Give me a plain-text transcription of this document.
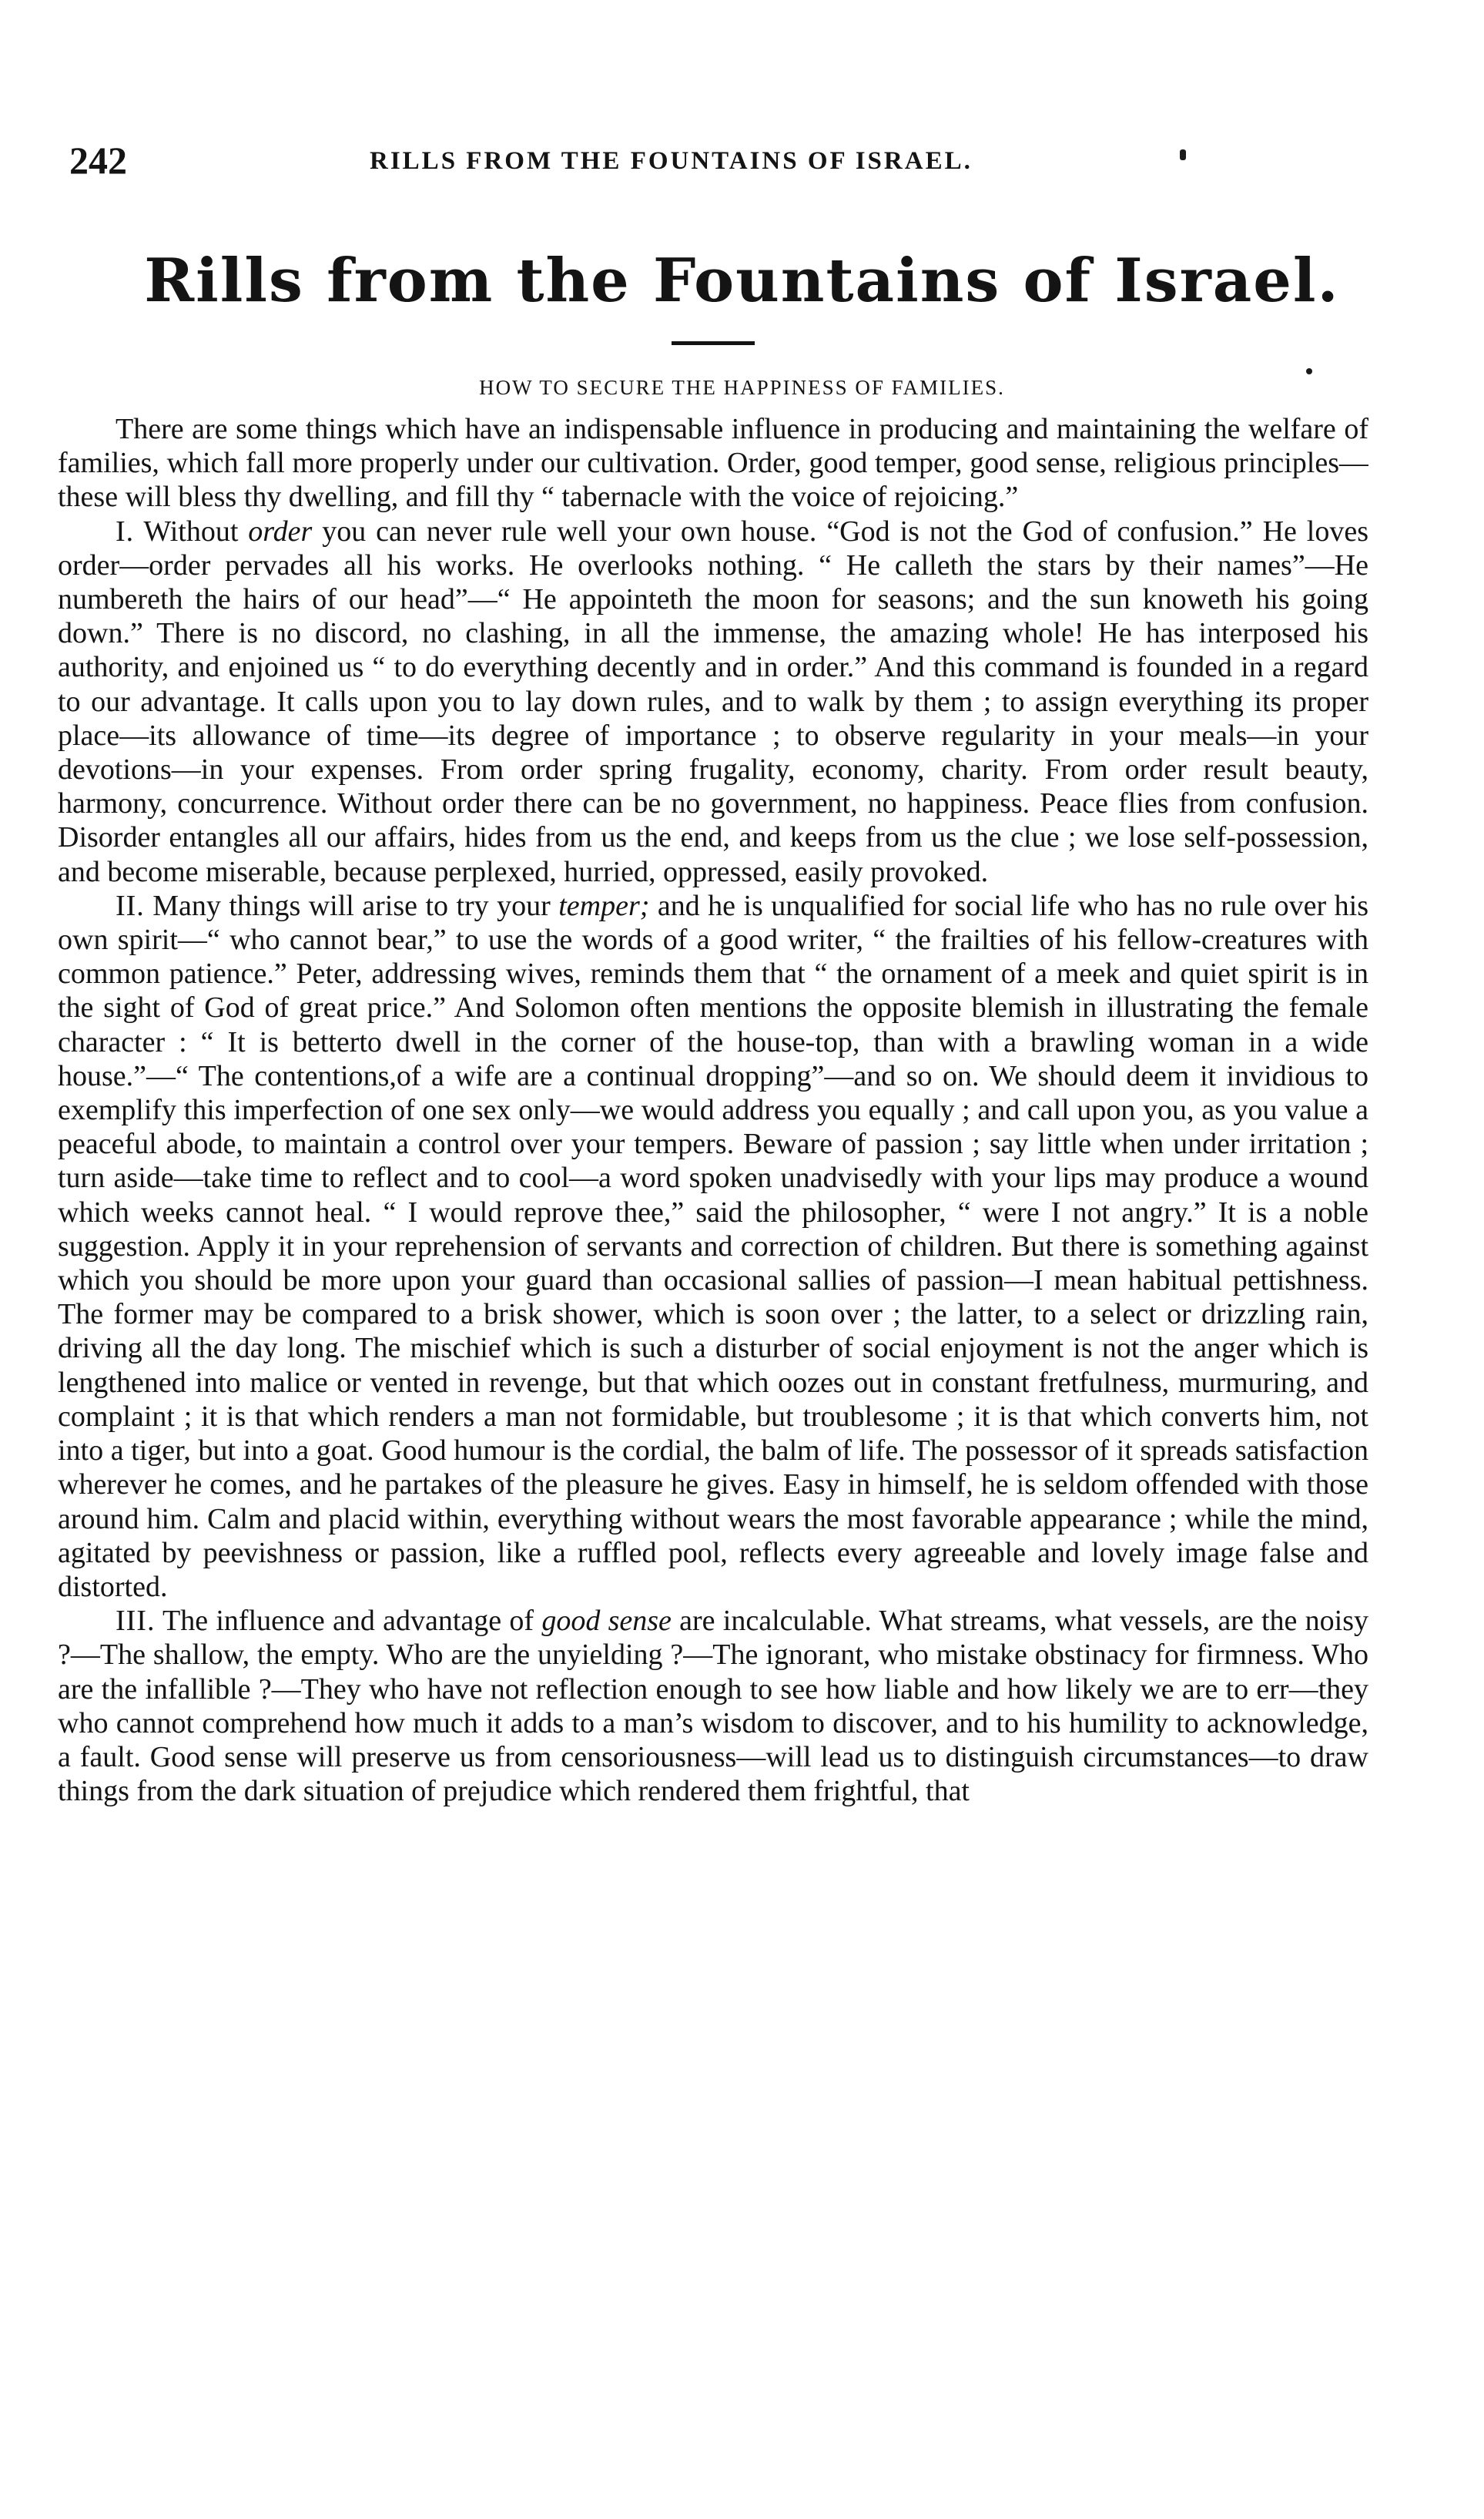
242	RILLS FROM THE FOUNTAINS OF ISRAEL.
Rills from the Fountains of Israel.
HOW TO SECURE THE HAPPINESS OF FAMILIES.

There are some things which have an indispensable influence in producing and maintaining the welfare of families, which fall more properly under our cultivation. Order, good temper, good sense, religious principles—these will bless thy dwelling, and fill thy “ tabernacle with the voice of rejoicing.”

I. Without order you can never rule well your own house. “God is not the God of confusion.” He loves order—order pervades all his works. He overlooks nothing. “ He calleth the stars by their names”—He numbereth the hairs of our head”—“ He appointeth the moon for seasons; and the sun knoweth his going down.” There is no discord, no clashing, in all the immense, the amazing whole! He has interposed his authority, and enjoined us “ to do everything decently and in order.” And this command is founded in a regard to our advantage. It calls upon you to lay down rules, and to walk by them ; to assign everything its proper place—its allowance of time—its degree of importance ; to observe regularity in your meals—in your devotions—in your expenses. From order spring frugality, economy, charity. From order result beauty, harmony, concurrence. Without order there can be no government, no happiness. Peace flies from confusion. Disorder entangles all our affairs, hides from us the end, and keeps from us the clue ; we lose self-possession, and become miserable, because perplexed, hurried, oppressed, easily provoked.

II. Many things will arise to try your temper; and he is unqualified for social life who has no rule over his own spirit—“ who cannot bear,” to use the words of a good writer, “ the frailties of his fellow-creatures with common patience.” Peter, addressing wives, reminds them that “ the ornament of a meek and quiet spirit is in the sight of God of great price.” And Solomon often mentions the opposite blemish in illustrating the female character : “ It is betterto dwell in the corner of the house-top, than with a brawling woman in a wide house.”—“ The contentions,of a wife are a continual dropping”—and so on. We should deem it invidious to exemplify this imperfection of one sex only—we would address you equally ; and call upon you, as you value a peaceful abode, to maintain a control over your tempers. Beware of passion ; say little when under irritation ; turn aside—take time to reflect and to cool—a word spoken unadvisedly with your lips may produce a wound which weeks cannot heal. “ I would reprove thee,” said the philosopher, “ were I not angry.” It is a noble suggestion. Apply it in your reprehension of servants and correction of children. But there is something against which you should be more upon your guard than occasional sallies of passion—I mean habitual pettishness. The former may be compared to a brisk shower, which is soon over ; the latter, to a select or drizzling rain, driving all the day long. The mischief which is such a disturber of social enjoyment is not the anger which is lengthened into malice or vented in revenge, but that which oozes out in constant fretfulness, murmuring, and complaint ; it is that which renders a man not formidable, but troublesome ; it is that which converts him, not into a tiger, but into a goat. Good humour is the cordial, the balm of life. The possessor of it spreads satisfaction wherever he comes, and he partakes of the pleasure he gives. Easy in himself, he is seldom offended with those around him. Calm and placid within, everything without wears the most favorable appearance ; while the mind, agitated by peevishness or passion, like a ruffled pool, reflects every agreeable and lovely image false and distorted.

III. The influence and advantage of good sense are incalculable. What streams, what vessels, are the noisy ?—The shallow, the empty. Who are the unyielding ?—The ignorant, who mistake obstinacy for firmness. Who are the infallible ?—They who have not reflection enough to see how liable and how likely we are to err—they who cannot comprehend how much it adds to a man’s wisdom to discover, and to his humility to acknowledge, a fault. Good sense will preserve us from censoriousness—will lead us to distinguish circumstances—to draw things from the dark situation of prejudice which rendered them frightful, that
